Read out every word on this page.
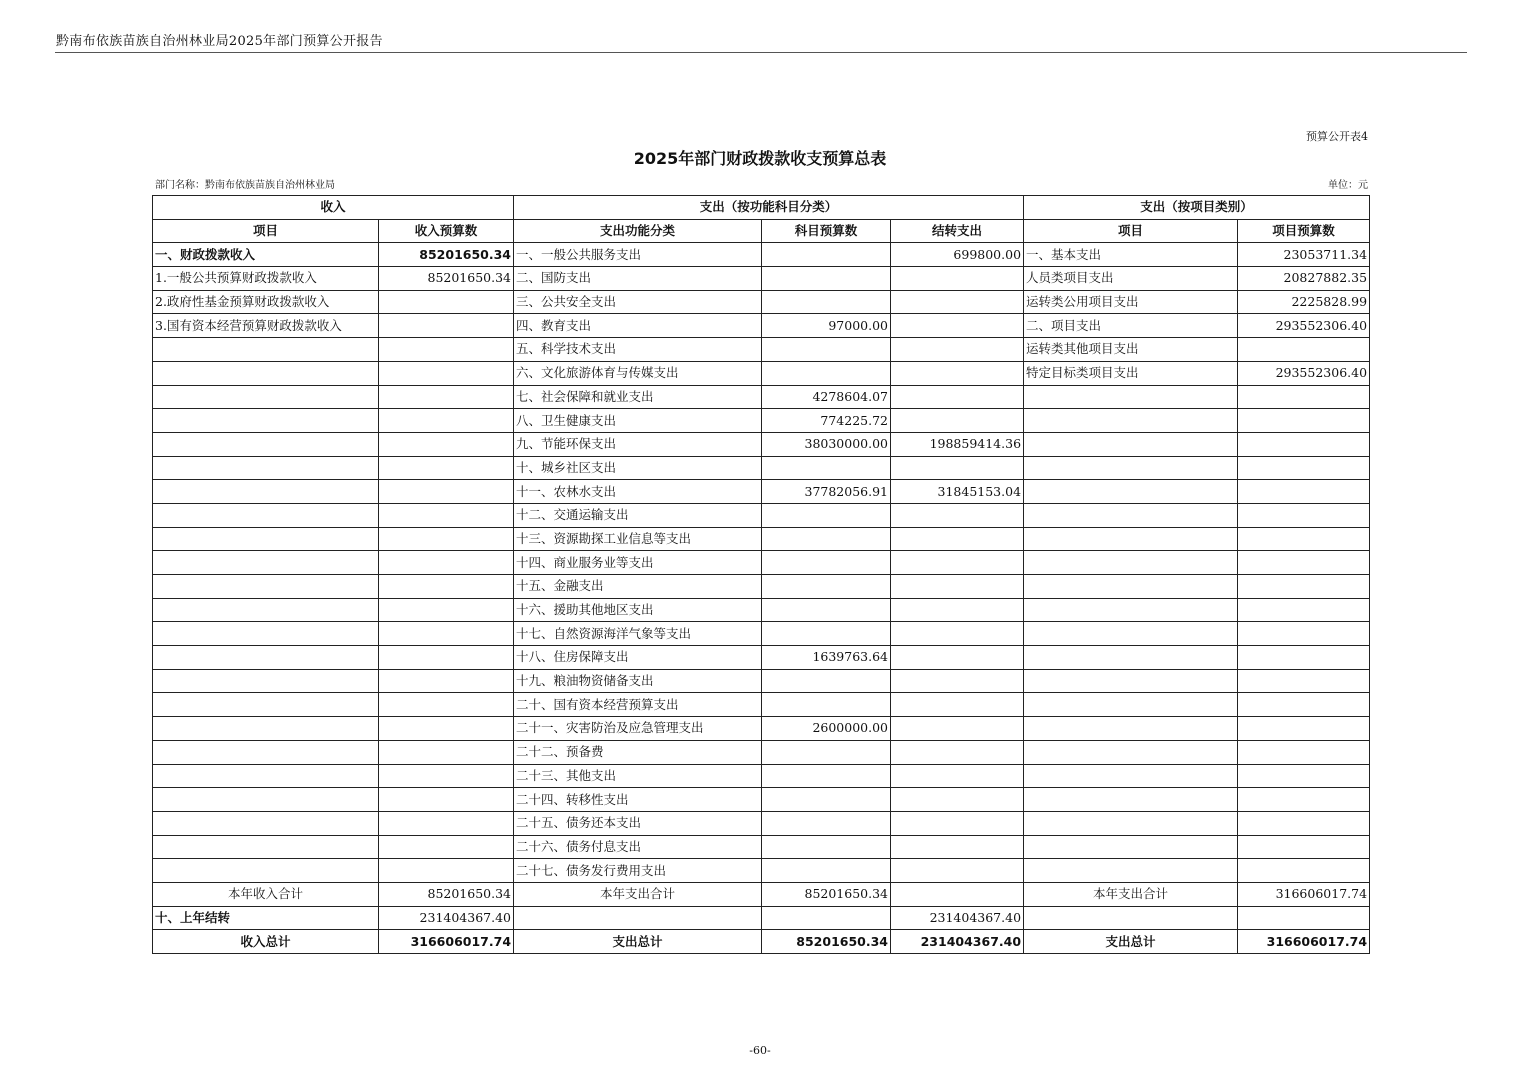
黔南布依族苗族自治州林业局2025年部门预算公开报告
预算公开表4
2025年部门财政拨款收支预算总表
部门名称：黔南布依族苗族自治州林业局	单位：元
收入		支出（按功能科目分类）			支出（按项目类别）	
项目	收入预算数	支出功能分类	科目预算数	结转支出	项目	项目预算数
一、财政拨款收入	85201650.34	一、一般公共服务支出		699800.00	一、基本支出	23053711.34
1.一般公共预算财政拨款收入	85201650.34	二、国防支出			人员类项目支出	20827882.35
2.政府性基金预算财政拨款收入		三、公共安全支出			运转类公用项目支出	2225828.99
3.国有资本经营预算财政拨款收入		四、教育支出	97000.00		二、项目支出	293552306.40
		五、科学技术支出			运转类其他项目支出	
		六、文化旅游体育与传媒支出			特定目标类项目支出	293552306.40
		七、社会保障和就业支出	4278604.07			
		八、卫生健康支出	774225.72			
		九、节能环保支出	38030000.00	198859414.36		
		十、城乡社区支出				
		十一、农林水支出	37782056.91	31845153.04		
		十二、交通运输支出				
		十三、资源勘探工业信息等支出				
		十四、商业服务业等支出				
		十五、金融支出				
		十六、援助其他地区支出				
		十七、自然资源海洋气象等支出				
		十八、住房保障支出	1639763.64			
		十九、粮油物资储备支出				
		二十、国有资本经营预算支出				
		二十一、灾害防治及应急管理支出	2600000.00			
		二十二、预备费				
		二十三、其他支出				
		二十四、转移性支出				
		二十五、债务还本支出				
		二十六、债务付息支出				
		二十七、债务发行费用支出				
本年收入合计	85201650.34	本年支出合计	85201650.34		本年支出合计	316606017.74
十、上年结转	231404367.40			231404367.40		
收入总计	316606017.74	支出总计	85201650.34	231404367.40	支出总计	316606017.74
-60-
